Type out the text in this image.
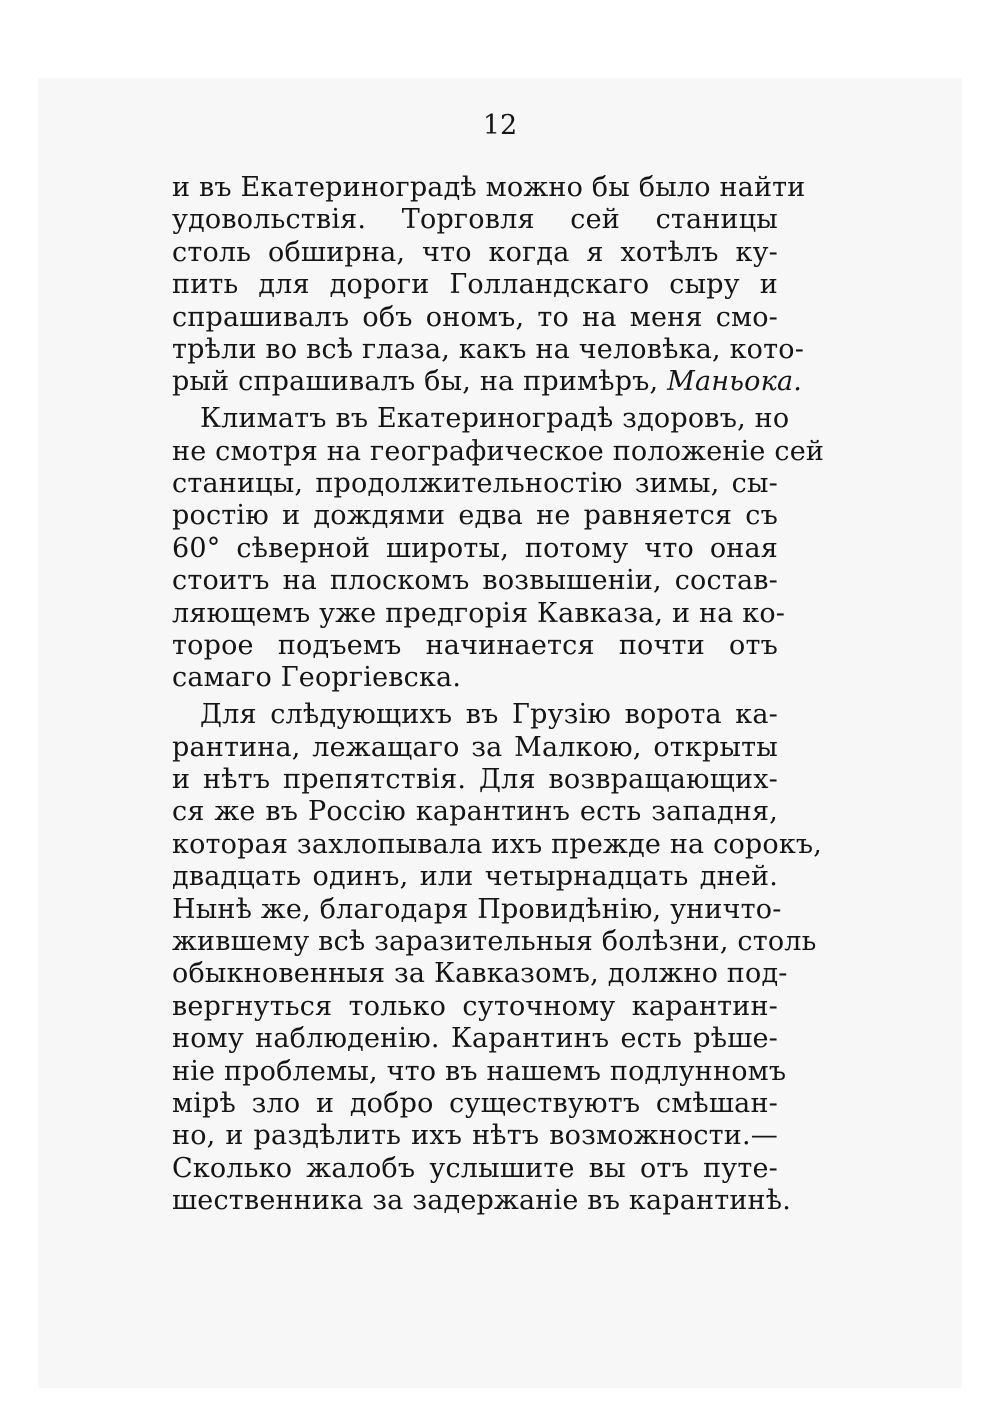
12
и въ Екатериноградѣ можно бы было найти
удовольствія. Торговля сей станицы
столь обширна, что когда я хотѣлъ ку-
пить для дороги Голландскаго сыру и
спрашивалъ объ ономъ, то на меня смо-
трѣли во всѣ глаза, какъ на человѣка, кото-
рый спрашивалъ бы, на примѣръ, Маньока.
Климатъ въ Екатериноградѣ здоровъ, но
не смотря на географическое положеніе сей
станицы, продолжительностію зимы, сы-
ростію и дождями едва не равняется съ
60° сѣверной широты, потому что оная
стоитъ на плоскомъ возвышеніи, состав-
ляющемъ уже предгорія Кавказа, и на ко-
торое подъемъ начинается почти отъ
самаго Георгіевска.
Для слѣдующихъ въ Грузію ворота ка-
рантина, лежащаго за Малкою, открыты
и нѣтъ препятствія. Для возвращающих-
ся же въ Россію карантинъ есть западня,
которая захлопывала ихъ прежде на сорокъ,
двадцать одинъ, или четырнадцать дней.
Нынѣ же, благодаря Провидѣнію, уничто-
жившему всѣ заразительныя болѣзни, столь
обыкновенныя за Кавказомъ, должно под-
вергнуться только суточному карантин-
ному наблюденію. Карантинъ есть рѣше-
ніе проблемы, что въ нашемъ подлунномъ
мірѣ зло и добро существуютъ смѣшан-
но, и раздѣлить ихъ нѣтъ возможности.—
Сколько жалобъ услышите вы отъ путе-
шественника за задержаніе въ карантинѣ.
